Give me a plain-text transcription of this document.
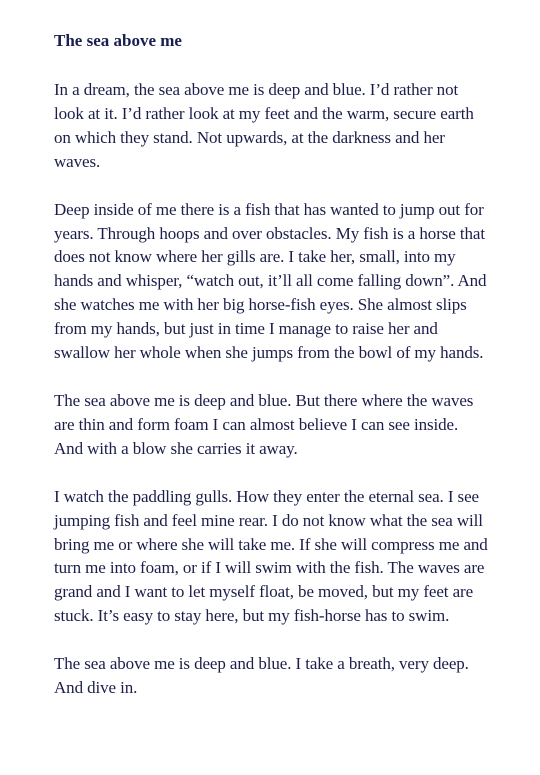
The sea above me

In a dream, the sea above me is deep and blue. I’d rather not look at it. I’d rather look at my feet and the warm, secure earth on which they stand. Not upwards, at the darkness and her waves.

Deep inside of me there is a fish that has wanted to jump out for years. Through hoops and over obstacles. My fish is a horse that does not know where her gills are. I take her, small, into my hands and whisper, “watch out, it’ll all come falling down”. And she watches me with her big horse-fish eyes. She almost slips from my hands, but just in time I manage to raise her and swallow her whole when she jumps from the bowl of my hands.

The sea above me is deep and blue. But there where the waves are thin and form foam I can almost believe I can see inside. And with a blow she carries it away.

I watch the paddling gulls. How they enter the eternal sea. I see jumping fish and feel mine rear. I do not know what the sea will bring me or where she will take me. If she will compress me and turn me into foam, or if I will swim with the fish. The waves are grand and I want to let myself float, be moved, but my feet are stuck. It’s easy to stay here, but my fish-horse has to swim.

The sea above me is deep and blue. I take a breath, very deep. And dive in.
